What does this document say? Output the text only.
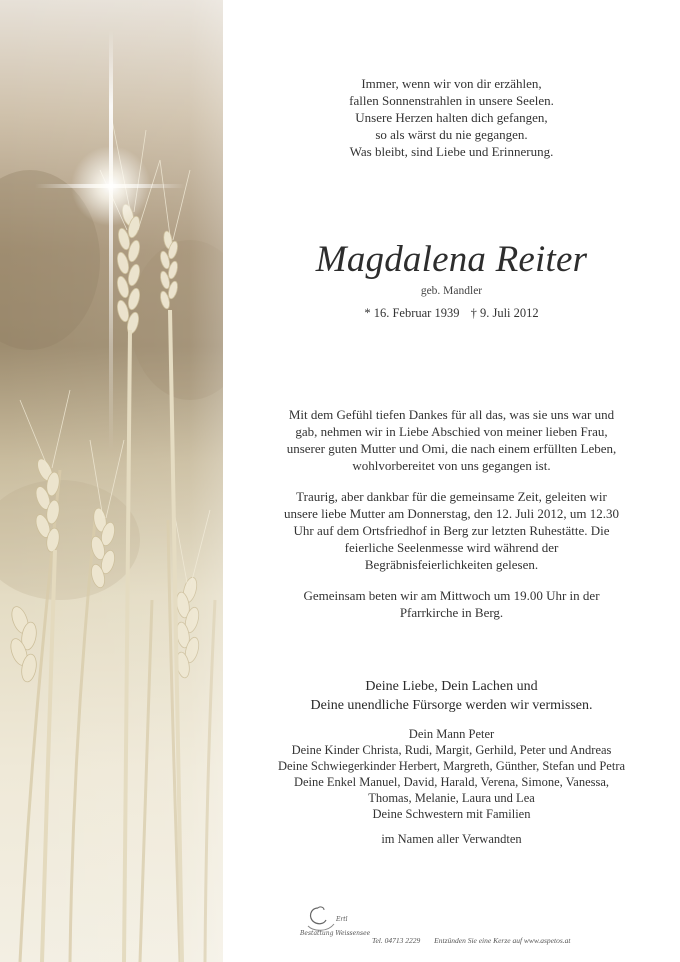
Immer, wenn wir von dir erzählen,
fallen Sonnenstrahlen in unsere Seelen.
Unsere Herzen halten dich gefangen,
so als wärst du nie gegangen.
Was bleibt, sind Liebe und Erinnerung.
Magdalena Reiter
geb. Mandler
* 16. Februar 1939 † 9. Juli 2012
Mit dem Gefühl tiefen Dankes für all das, was sie uns war und
gab, nehmen wir in Liebe Abschied von meiner lieben Frau,
unserer guten Mutter und Omi, die nach einem erfüllten Leben,
wohlvorbereitet von uns gegangen ist.
Traurig, aber dankbar für die gemeinsame Zeit, geleiten wir
unsere liebe Mutter am Donnerstag, den 12. Juli 2012, um 12.30
Uhr auf dem Ortsfriedhof in Berg zur letzten Ruhestätte. Die
feierliche Seelenmesse wird während der
Begräbnisfeierlichkeiten gelesen.
Gemeinsam beten wir am Mittwoch um 19.00 Uhr in der
Pfarrkirche in Berg.
Deine Liebe, Dein Lachen und
Deine unendliche Fürsorge werden wir vermissen.
Dein Mann Peter
Deine Kinder Christa, Rudi, Margit, Gerhild, Peter und Andreas
Deine Schwiegerkinder Herbert, Margreth, Günther, Stefan und Petra
Deine Enkel Manuel, David, Harald, Verena, Simone, Vanessa,
Thomas, Melanie, Laura und Lea
Deine Schwestern mit Familien
im Namen aller Verwandten
Ertl
Bestattung Weissensee
Tel. 04713 2229 Entzünden Sie eine Kerze auf www.aspetos.at
